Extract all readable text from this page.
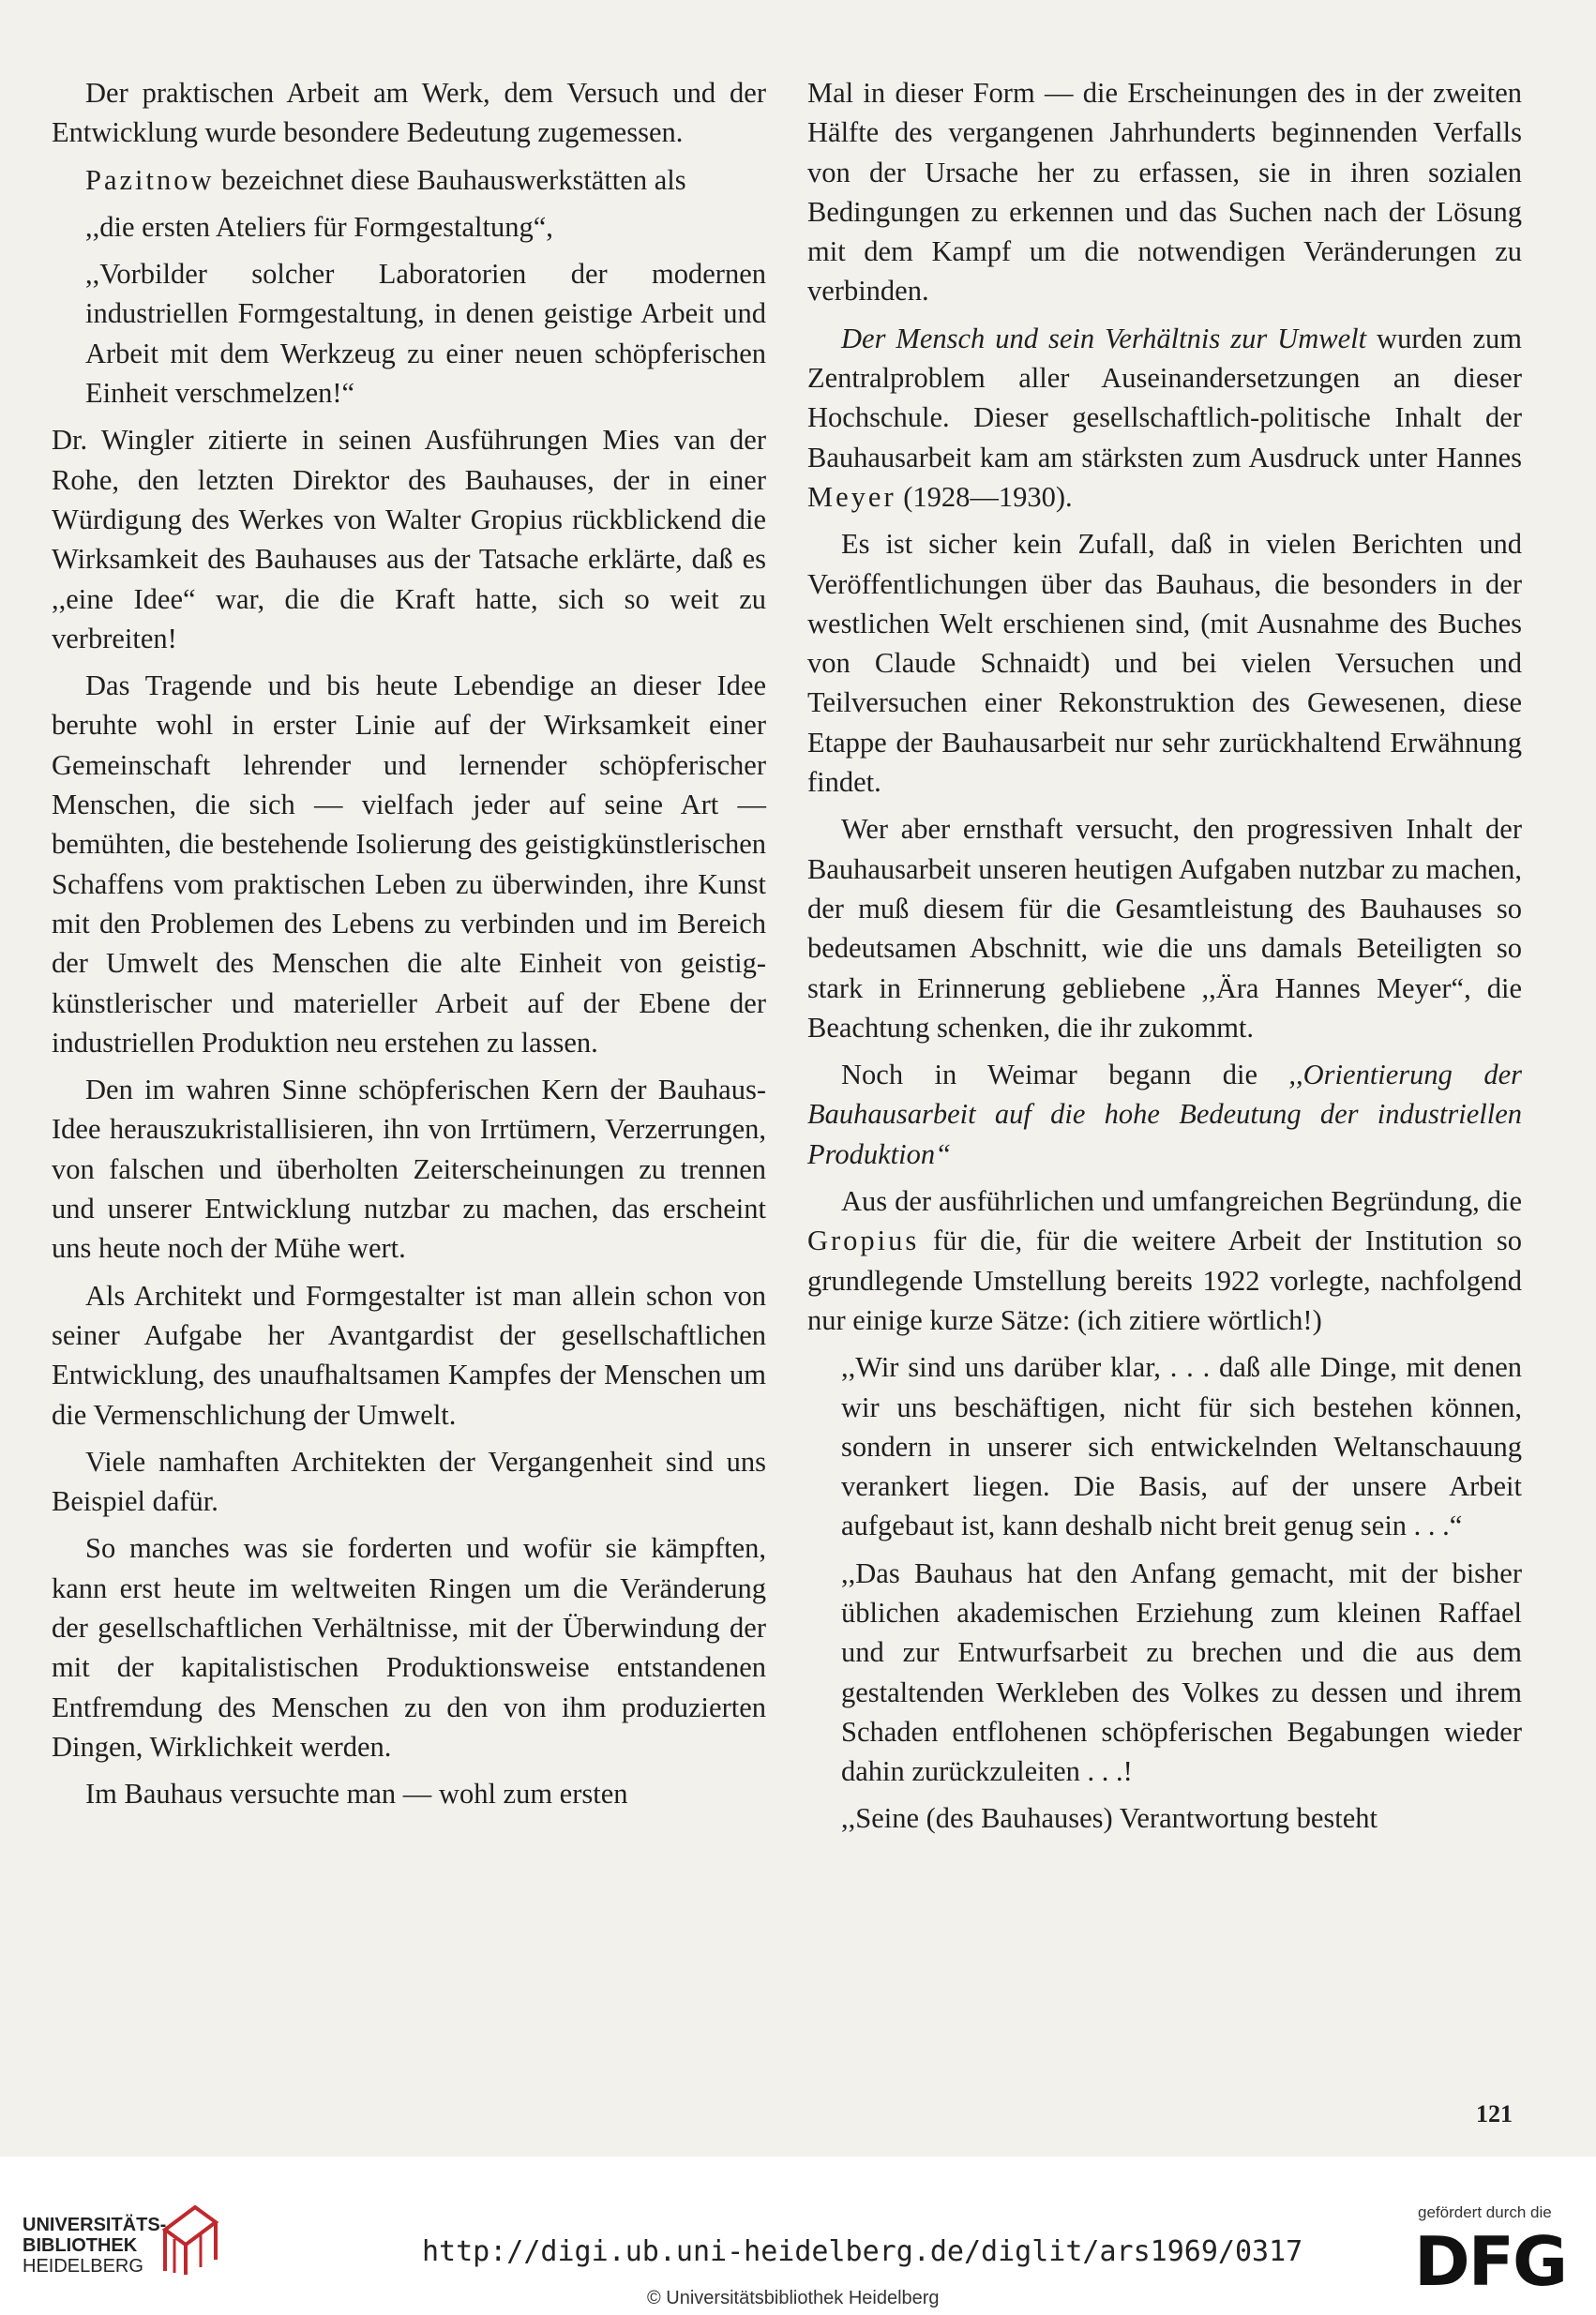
Der praktischen Arbeit am Werk, dem Versuch und der Entwicklung wurde besondere Bedeutung zugemessen.

Pazitnow bezeichnet diese Bauhauswerkstätten als

,,die ersten Ateliers für Formgestaltung“,

,,Vorbilder solcher Laboratorien der modernen industriellen Formgestaltung, in denen geistige Arbeit und Arbeit mit dem Werkzeug zu einer neuen schöpferischen Einheit verschmelzen!“

Dr. Wingler zitierte in seinen Ausführungen Mies van der Rohe, den letzten Direktor des Bauhauses, der in einer Würdigung des Werkes von Walter Gropius rückblickend die Wirksamkeit des Bauhauses aus der Tatsache erklärte, daß es ,,eine Idee“ war, die die Kraft hatte, sich so weit zu verbreiten!

Das Tragende und bis heute Lebendige an dieser Idee beruhte wohl in erster Linie auf der Wirksamkeit einer Gemeinschaft lehrender und lernender schöpferischer Menschen, die sich — vielfach jeder auf seine Art — bemühten, die bestehende Isolierung des geistigkünstlerischen Schaffens vom praktischen Leben zu überwinden, ihre Kunst mit den Problemen des Lebens zu verbinden und im Bereich der Umwelt des Menschen die alte Einheit von geistig-künstlerischer und materieller Arbeit auf der Ebene der industriellen Produktion neu erstehen zu lassen.

Den im wahren Sinne schöpferischen Kern der Bauhaus-Idee herauszukristallisieren, ihn von Irrtümern, Verzerrungen, von falschen und überholten Zeiterscheinungen zu trennen und unserer Entwicklung nutzbar zu machen, das erscheint uns heute noch der Mühe wert.

Als Architekt und Formgestalter ist man allein schon von seiner Aufgabe her Avantgardist der gesellschaftlichen Entwicklung, des unaufhaltsamen Kampfes der Menschen um die Vermenschlichung der Umwelt.

Viele namhaften Architekten der Vergangenheit sind uns Beispiel dafür.

So manches was sie forderten und wofür sie kämpften, kann erst heute im weltweiten Ringen um die Veränderung der gesellschaftlichen Verhältnisse, mit der Überwindung der mit der kapitalistischen Produktionsweise entstandenen Entfremdung des Menschen zu den von ihm produzierten Dingen, Wirklichkeit werden.

Im Bauhaus versuchte man — wohl zum ersten

Mal in dieser Form — die Erscheinungen des in der zweiten Hälfte des vergangenen Jahrhunderts beginnenden Verfalls von der Ursache her zu erfassen, sie in ihren sozialen Bedingungen zu erkennen und das Suchen nach der Lösung mit dem Kampf um die notwendigen Veränderungen zu verbinden.

Der Mensch und sein Verhältnis zur Umwelt wurden zum Zentralproblem aller Auseinandersetzungen an dieser Hochschule. Dieser gesellschaftlich-politische Inhalt der Bauhausarbeit kam am stärksten zum Ausdruck unter Hannes Meyer (1928—1930).

Es ist sicher kein Zufall, daß in vielen Berichten und Veröffentlichungen über das Bauhaus, die besonders in der westlichen Welt erschienen sind, (mit Ausnahme des Buches von Claude Schnaidt) und bei vielen Versuchen und Teilversuchen einer Rekonstruktion des Gewesenen, diese Etappe der Bauhausarbeit nur sehr zurückhaltend Erwähnung findet.

Wer aber ernsthaft versucht, den progressiven Inhalt der Bauhausarbeit unseren heutigen Aufgaben nutzbar zu machen, der muß diesem für die Gesamtleistung des Bauhauses so bedeutsamen Abschnitt, wie die uns damals Beteiligten so stark in Erinnerung gebliebene ,,Ära Hannes Meyer“, die Beachtung schenken, die ihr zukommt.

Noch in Weimar begann die ,,Orientierung der Bauhausarbeit auf die hohe Bedeutung der industriellen Produktion“

Aus der ausführlichen und umfangreichen Begründung, die Gropius für die, für die weitere Arbeit der Institution so grundlegende Umstellung bereits 1922 vorlegte, nachfolgend nur einige kurze Sätze: (ich zitiere wörtlich!)

,,Wir sind uns darüber klar, . . . daß alle Dinge, mit denen wir uns beschäftigen, nicht für sich bestehen können, sondern in unserer sich entwickelnden Weltanschauung verankert liegen. Die Basis, auf der unsere Arbeit aufgebaut ist, kann deshalb nicht breit genug sein . . .“

,,Das Bauhaus hat den Anfang gemacht, mit der bisher üblichen akademischen Erziehung zum kleinen Raffael und zur Entwurfsarbeit zu brechen und die aus dem gestaltenden Werkleben des Volkes zu dessen und ihrem Schaden entflohenen schöpferischen Begabungen wieder dahin zurückzuleiten . . .!

,,Seine (des Bauhauses) Verantwortung besteht

121
UNIVERSITÄTS-
BIBLIOTHEK
HEIDELBERG	http://digi.ub.uni-heidelberg.de/diglit/ars1969/0317
© Universitätsbibliothek Heidelberg
gefördert durch die
DFG
